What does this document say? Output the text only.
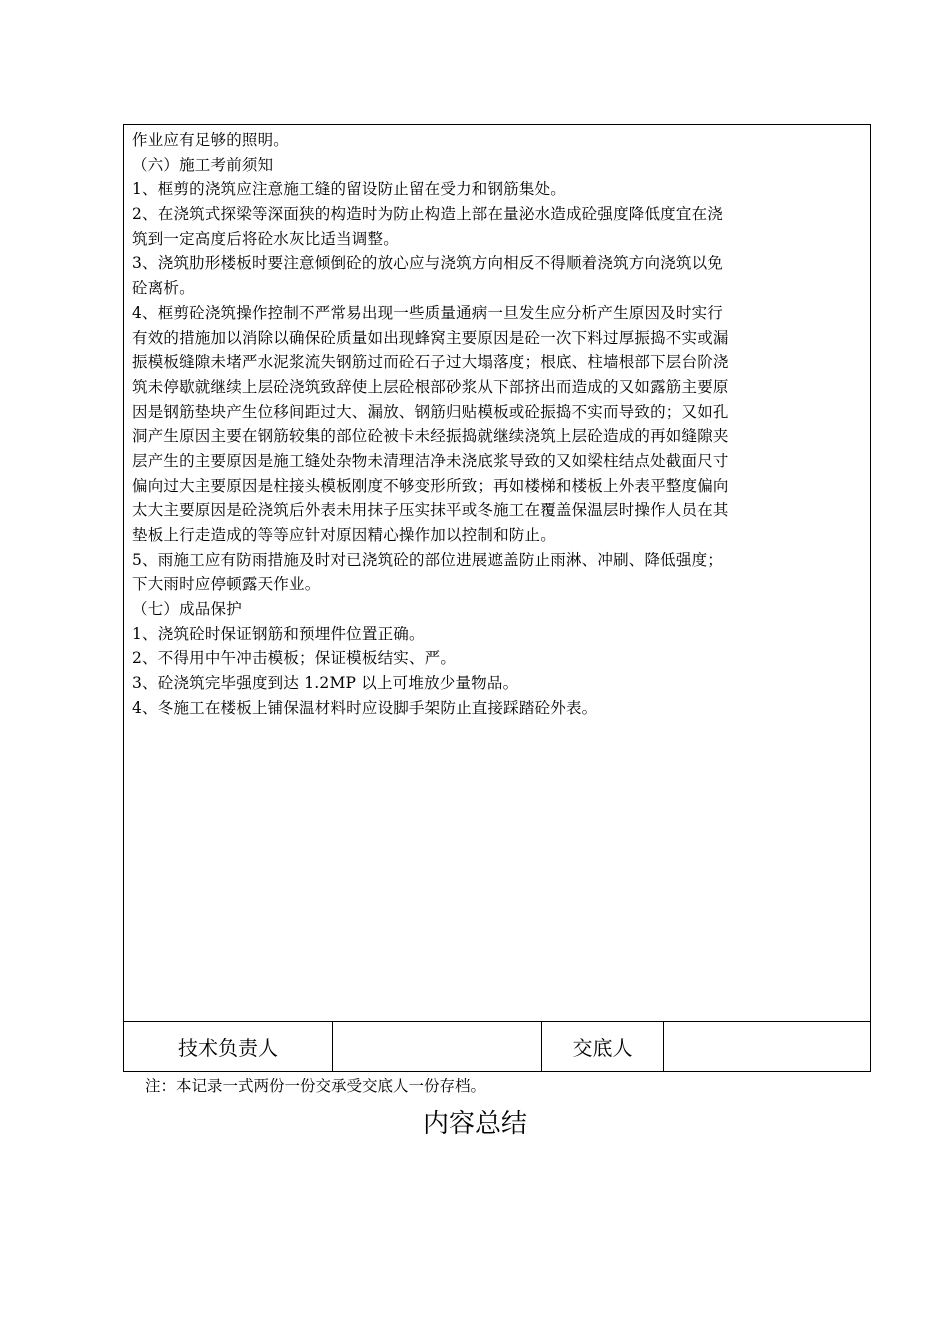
作业应有足够的照明。
（六）施工考前须知
1、框剪的浇筑应注意施工缝的留设防止留在受力和钢筋集处。
2、在浇筑式探梁等深面狭的构造时为防止构造上部在量泌水造成砼强度降低度宜在浇
筑到一定高度后将砼水灰比适当调整。
3、浇筑肋形楼板时要注意倾倒砼的放心应与浇筑方向相反不得顺着浇筑方向浇筑以免
砼离析。
4、框剪砼浇筑操作控制不严常易出现一些质量通病一旦发生应分析产生原因及时实行
有效的措施加以消除以确保砼质量如出现蜂窝主要原因是砼一次下料过厚振捣不实或漏
振模板缝隙未堵严水泥浆流失钢筋过而砼石子过大塌落度；根底、柱墙根部下层台阶浇
筑未停歇就继续上层砼浇筑致辞使上层砼根部砂浆从下部挤出而造成的又如露筋主要原
因是钢筋垫块产生位移间距过大、漏放、钢筋归贴模板或砼振捣不实而导致的；又如孔
洞产生原因主要在钢筋较集的部位砼被卡未经振捣就继续浇筑上层砼造成的再如缝隙夹
层产生的主要原因是施工缝处杂物未清理洁净未浇底浆导致的又如梁柱结点处截面尺寸
偏向过大主要原因是柱接头模板刚度不够变形所致；再如楼梯和楼板上外表平整度偏向
太大主要原因是砼浇筑后外表未用抹子压实抹平或冬施工在覆盖保温层时操作人员在其
垫板上行走造成的等等应针对原因精心操作加以控制和防止。
5、雨施工应有防雨措施及时对已浇筑砼的部位进展遮盖防止雨淋、冲刷、降低强度；
下大雨时应停顿露天作业。
（七）成品保护
1、浇筑砼时保证钢筋和预埋件位置正确。
2、不得用中午冲击模板；保证模板结实、严。
3、砼浇筑完毕强度到达 1.2MP 以上可堆放少量物品。
4、冬施工在楼板上铺保温材料时应设脚手架防止直接踩踏砼外表。
技术负责人	交底人
注：本记录一式两份一份交承受交底人一份存档。
内容总结
